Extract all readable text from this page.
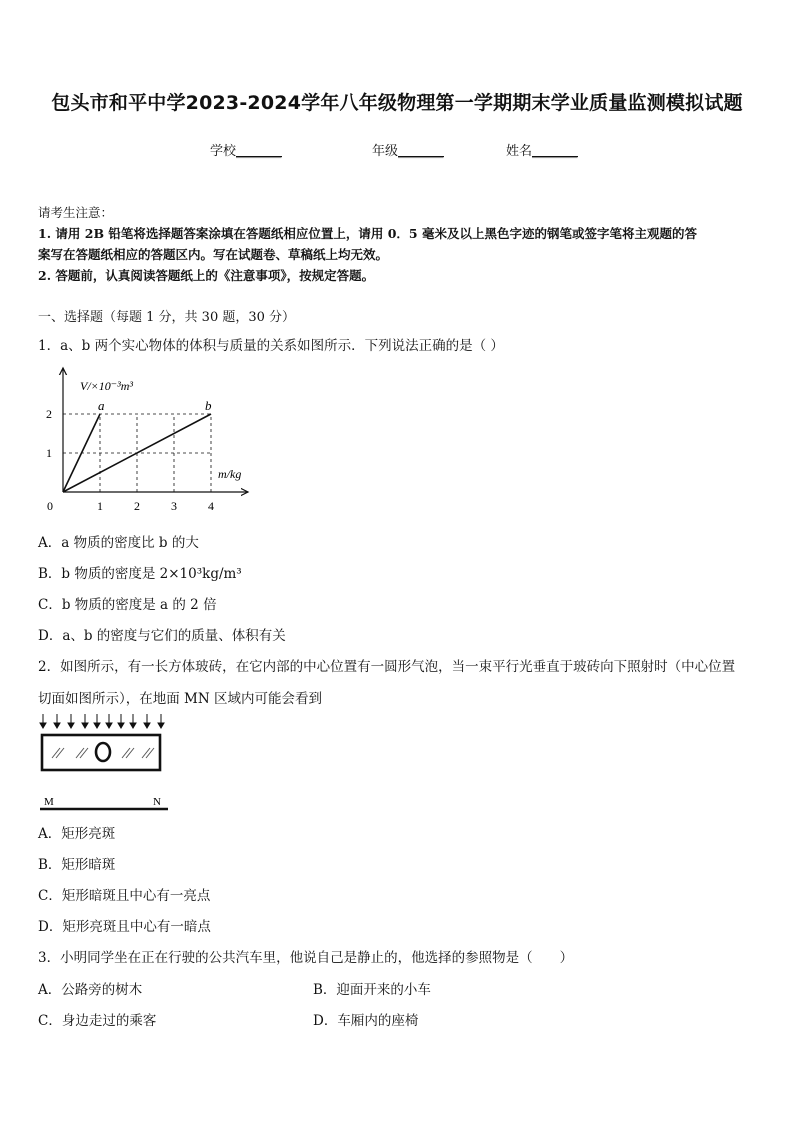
包头市和平中学2023-2024学年八年级物理第一学期期末学业质量监测模拟试题
学校_______	年级_______	姓名_______
请考生注意：
1. 请用 2B 铅笔将选择题答案涂填在答题纸相应位置上，请用 0．5 毫米及以上黑色字迹的钢笔或签字笔将主观题的答
案写在答题纸相应的答题区内。写在试题卷、草稿纸上均无效。
2. 答题前，认真阅读答题纸上的《注意事项》，按规定答题。
一、选择题（每题 1 分，共 30 题，30 分）
1．a、b 两个实心物体的体积与质量的关系如图所示．下列说法正确的是（ ）
V/×10⁻³m³
m/kg
0
a	b
1	2	3	4
1
2
A．a 物质的密度比 b 的大
B．b 物质的密度是 2×10³kg/m³
C．b 物质的密度是 a 的 2 倍
D．a、b 的密度与它们的质量、体积有关
2．如图所示，有一长方体玻砖，在它内部的中心位置有一圆形气泡，当一束平行光垂直于玻砖向下照射时（中心位置
切面如图所示），在地面 MN 区域内可能会看到
M	N
A．矩形亮斑
B．矩形暗斑
C．矩形暗斑且中心有一亮点
D．矩形亮斑且中心有一暗点
3．小明同学坐在正在行驶的公共汽车里，他说自己是静止的，他选择的参照物是（　　）
A．公路旁的树木	B．迎面开来的小车
C．身边走过的乘客	D．车厢内的座椅
